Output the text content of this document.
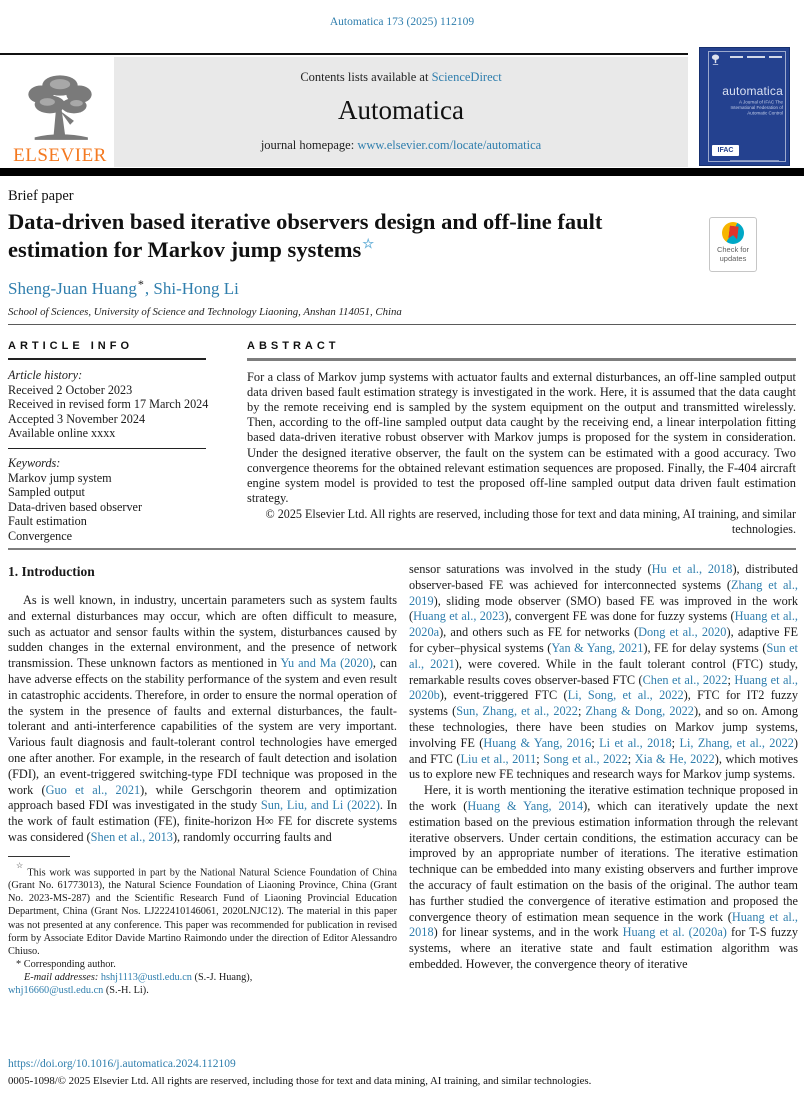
Automatica 173 (2025) 112109
ELSEVIER
Contents lists available at ScienceDirect
Automatica
journal homepage: www.elsevier.com/locate/automatica
automatica
A Journal of IFAC The International Federation of Automatic Control
IFAC
Brief paper
Data-driven based iterative observers design and off-line fault estimation for Markov jump systems☆	Check for updates
Sheng-Juan Huang*, Shi-Hong Li
School of Sciences, University of Science and Technology Liaoning, Anshan 114051, China
ARTICLE INFO

Article history:

Received 2 October 2023

Received in revised form 17 March 2024

Accepted 3 November 2024

Available online xxxx

Keywords:

Markov jump system

Sampled output

Data-driven based observer

Fault estimation

Convergence

ABSTRACT

For a class of Markov jump systems with actuator faults and external disturbances, an off-line sampled output data driven based fault estimation strategy is investigated in the work. Here, it is assumed that the data caught by the remote receiving end is sampled by the system equipment on the output and transmitted wirelessly. Then, according to the off-line sampled output data caught by the receiving end, a linear interpolation fitting based data-driven iterative robust observer with Markov jumps is proposed for the system in consideration. Under the designed iterative observer, the fault on the system can be estimated with a good accuracy. Two convergence theorems for the obtained relevant estimation sequences are proposed. Finally, the F-404 aircraft engine system model is provided to test the proposed off-line sampled output data driven fault estimation strategy.

© 2025 Elsevier Ltd. All rights are reserved, including those for text and data mining, AI training, and similar technologies.

1. Introduction

As is well known, in industry, uncertain parameters such as system faults and external disturbances may occur, which are often difficult to measure, such as actuator and sensor faults within the system, disturbances caused by sudden changes in the external environment, and the presence of network transmission. These unknown factors as mentioned in Yu and Ma (2020), can have adverse effects on the stability performance of the system and even result in catastrophic accidents. Therefore, in order to ensure the normal operation of the system in the presence of faults and external disturbances, the fault-tolerant and anti-interference capabilities of the system are very important. Various fault diagnosis and fault-tolerant control technologies have emerged one after another. For example, in the research of fault detection and isolation (FDI), an event-triggered switching-type FDI technique was proposed in the work (Guo et al., 2021), while Gerschgorin theorem and optimization approach based FDI was investigated in the study Sun, Liu, and Li (2022). In the work of fault estimation (FE), finite-horizon H∞ FE for discrete systems was considered (Shen et al., 2013), randomly occurring faults and

☆This work was supported in part by the National Natural Science Foundation of China (Grant No. 61773013), the Natural Science Foundation of Liaoning Province, China (Grant No. 2023-MS-287) and the Scientific Research Fund of Liaoning Provincial Education Department, China (Grant Nos. LJ222410146061, 2020LNJC12). The material in this paper was not presented at any conference. This paper was recommended for publication in revised form by Associate Editor Davide Martino Raimondo under the direction of Editor Alessandro Chiuso.

* Corresponding author.

E-mail addresses: hshj1113@ustl.edu.cn (S.-J. Huang),

whj16660@ustl.edu.cn (S.-H. Li).

sensor saturations was involved in the study (Hu et al., 2018), distributed observer-based FE was achieved for interconnected systems (Zhang et al., 2019), sliding mode observer (SMO) based FE was improved in the work (Huang et al., 2023), convergent FE was done for fuzzy systems (Huang et al., 2020a), and others such as FE for networks (Dong et al., 2020), adaptive FE for cyber–physical systems (Yan & Yang, 2021), FE for delay systems (Sun et al., 2021), were covered. While in the fault tolerant control (FTC) study, remarkable results coves observer-based FTC (Chen et al., 2022; Huang et al., 2020b), event-triggered FTC (Li, Song, et al., 2022), FTC for IT2 fuzzy systems (Sun, Zhang, et al., 2022; Zhang & Dong, 2022), and so on. Among these technologies, there have been studies on Markov jump systems, involving FE (Huang & Yang, 2016; Li et al., 2018; Li, Zhang, et al., 2022) and FTC (Liu et al., 2011; Song et al., 2022; Xia & He, 2022), which motives us to explore new FE techniques and research ways for Markov jump systems.

Here, it is worth mentioning the iterative estimation technique proposed in the work (Huang & Yang, 2014), which can iteratively update the next estimation based on the previous estimation information through the relevant iterative observers. Under certain conditions, the estimation accuracy can be improved by an appropriate number of iterations. The iterative estimation technique can be embedded into many existing observers and further improve the accuracy of fault estimation on the basis of the original. The author team has further studied the convergence of iterative estimation and proposed the convergence theory of estimation mean sequence in the work (Huang et al., 2018) for linear systems, and in the work Huang et al. (2020a) for T-S fuzzy systems, where an iterative state and fault estimation algorithm was embedded. However, the convergence theory of iterative

https://doi.org/10.1016/j.automatica.2024.112109
0005-1098/© 2025 Elsevier Ltd. All rights are reserved, including those for text and data mining, AI training, and similar technologies.
